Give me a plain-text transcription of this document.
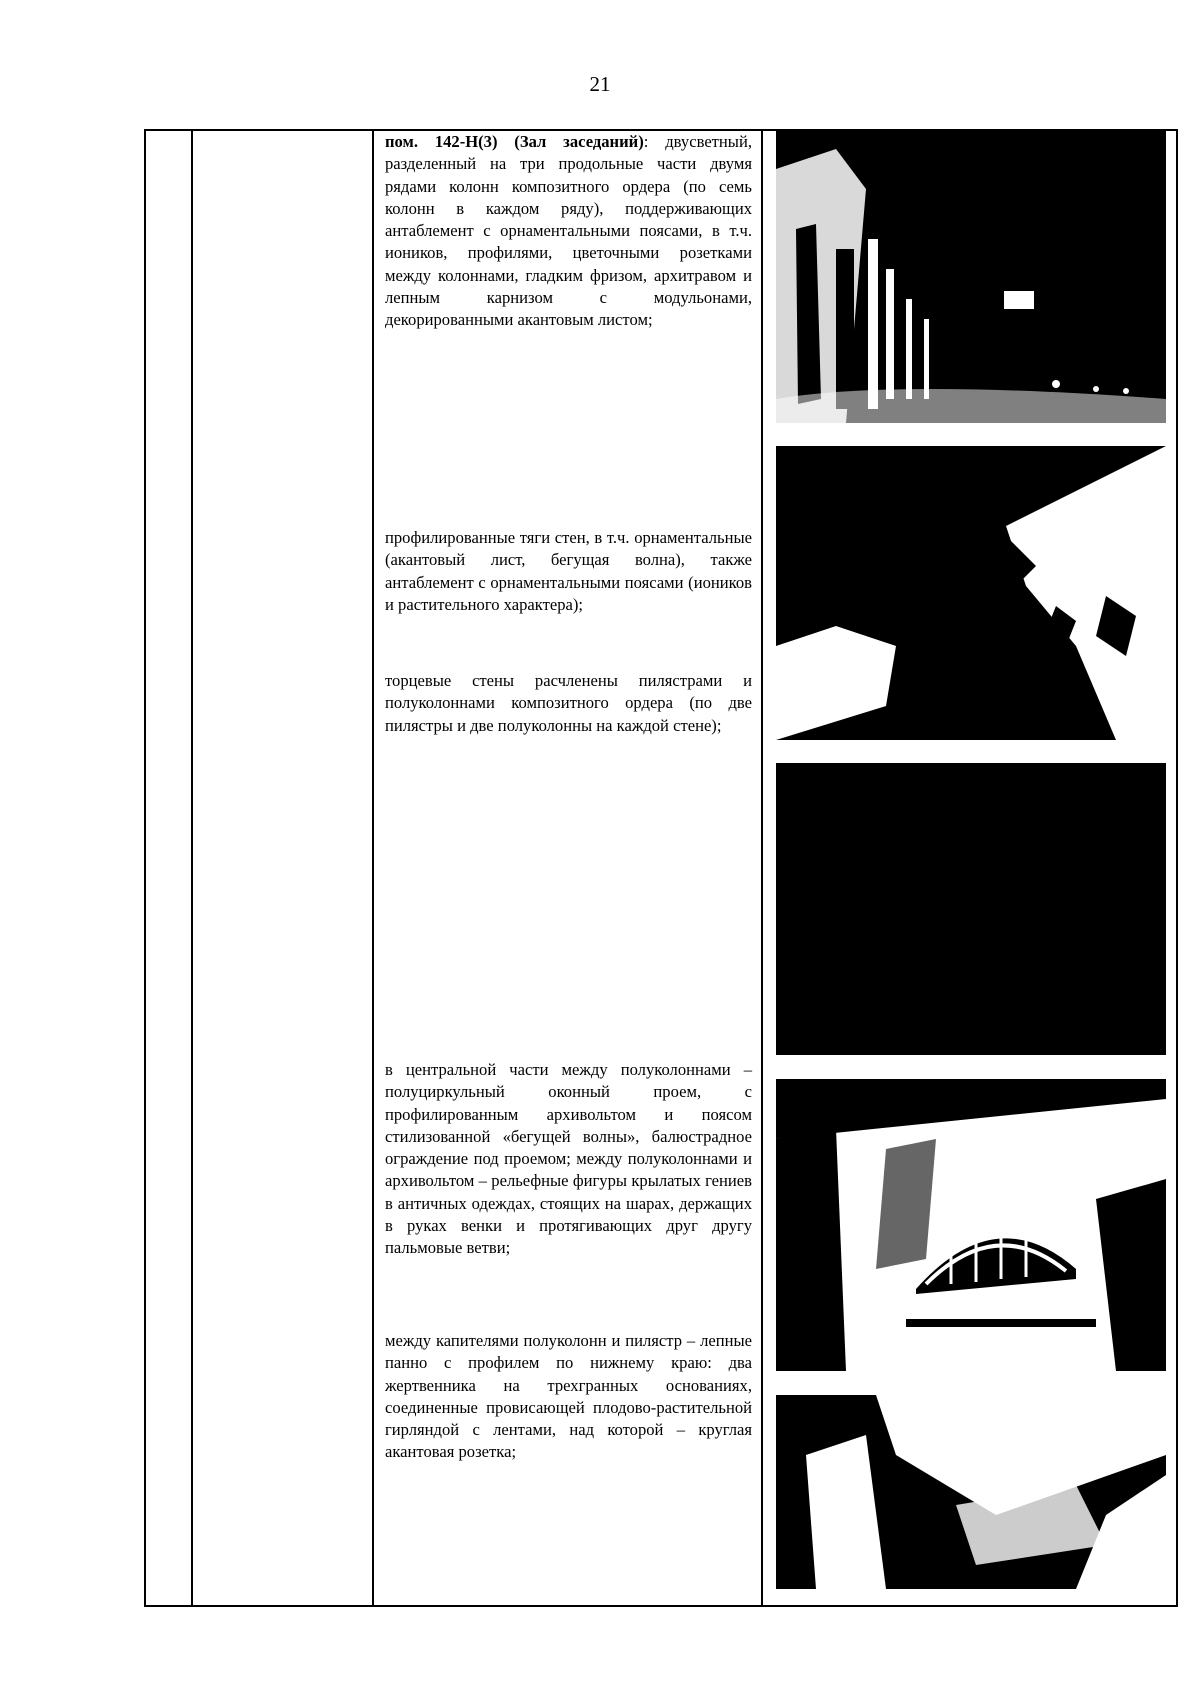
21

пом. 142-Н(3) (Зал заседаний): двусветный, разделенный на три продольные части двумя рядами колонн композитного ордера (по семь колонн в каждом ряду), поддерживающих антаблемент с орнаментальными поясами, в т.ч. иоников, профилями, цветочными розетками между колоннами, гладким фризом, архитравом и лепным карнизом с модульонами, декорированными акантовым листом;

профилированные тяги стен, в т.ч. орнаментальные (акантовый лист, бегущая волна), также антаблемент с орнаментальными поясами (иоников и растительного характера);

торцевые стены расчленены пилястрами и полуколоннами композитного ордера (по две пилястры и две полуколонны на каждой стене);

в центральной части между полуколоннами – полуциркульный оконный проем, с профилированным архивольтом и поясом стилизованной «бегущей волны», балюстрадное ограждение под проемом; между полуколоннами и архивольтом – рельефные фигуры крылатых гениев в античных одеждах, стоящих на шарах, держащих в руках венки и протягивающих друг другу пальмовые ветви;

между капителями полуколонн и пилястр – лепные панно с профилем по нижнему краю: два жертвенника на трехгранных основаниях, соединенные провисающей плодово-растительной гирляндой с лентами, над которой – круглая акантовая розетка;
